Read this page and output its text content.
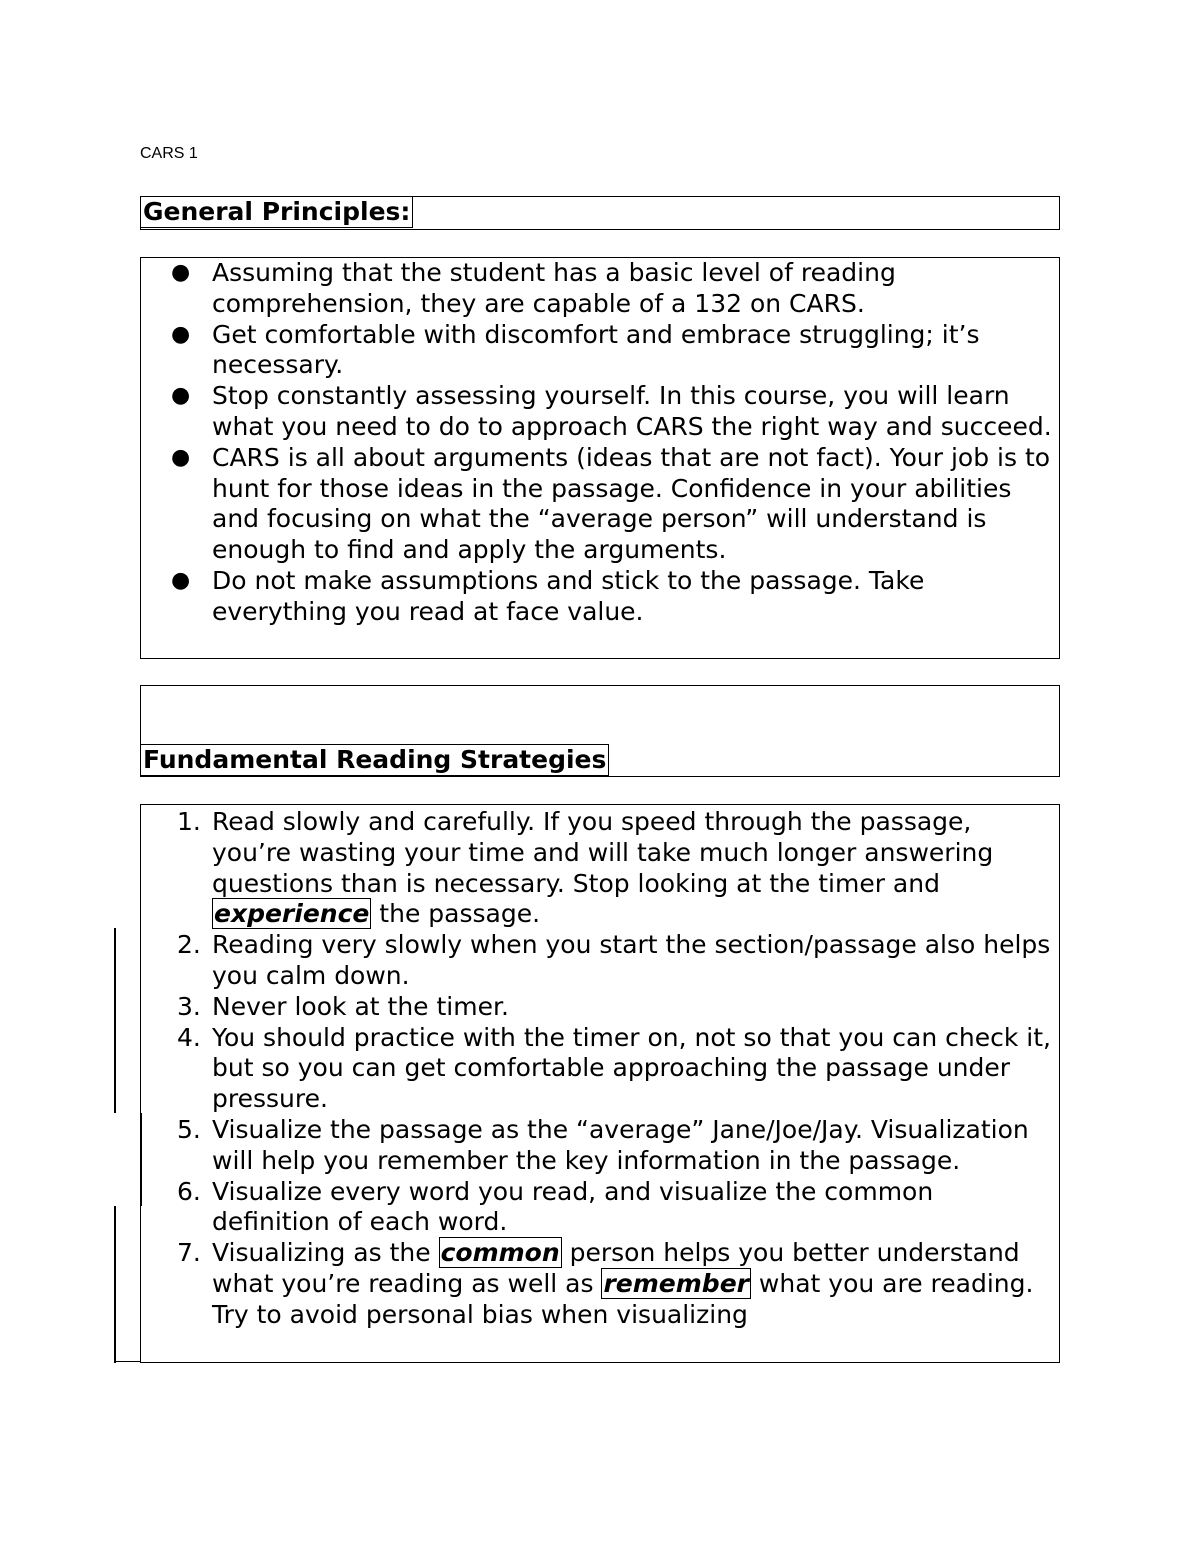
CARS 1
General Principles:
● Assuming that the student has a basic level of reading comprehension, they are capable of a 132 on CARS.
● Get comfortable with discomfort and embrace struggling; it’s necessary.
● Stop constantly assessing yourself. In this course, you will learn what you need to do to approach CARS the right way and succeed.
● CARS is all about arguments (ideas that are not fact). Your job is to hunt for those ideas in the passage. Confidence in your abilities and focusing on what the “average person” will understand is enough to find and apply the arguments.
● Do not make assumptions and stick to the passage. Take everything you read at face value.
Fundamental Reading Strategies
1. Read slowly and carefully. If you speed through the passage, you’re wasting your time and will take much longer answering questions than is necessary. Stop looking at the timer and experience the passage.
2. Reading very slowly when you start the section/passage also helps you calm down.
3. Never look at the timer.
4. You should practice with the timer on, not so that you can check it, but so you can get comfortable approaching the passage under pressure.
5. Visualize the passage as the “average” Jane/Joe/Jay. Visualization will help you remember the key information in the passage.
6. Visualize every word you read, and visualize the common definition of each word.
7. Visualizing as the common person helps you better understand what you’re reading as well as remember what you are reading. Try to avoid personal bias when visualizing
